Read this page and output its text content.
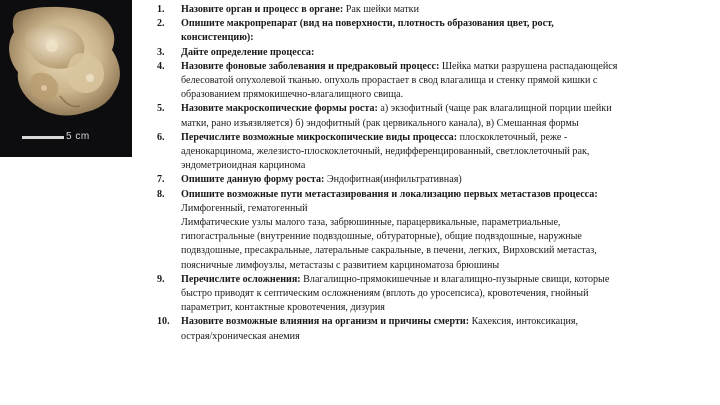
5 cm
1. Назовите орган и процесс в органе: Рак шейки матки
2. Опишите макропрепарат (вид на поверхности, плотность образования цвет, рост,
консистенцию):
3. Дайте определение процесса:
4. Назовите фоновые заболевания и предраковый процесс: Шейка матки разрушена распадающейся
белесоватой опухолевой тканью. опухоль прорастает в свод влагалища и стенку прямой кишки с
образованием прямокишечно-влагалищного свища.
5. Назовите макроскопические формы роста: а) экзофитный (чаще рак влагалищной порции шейки
матки, рано изъязвляется) б) эндофитный (рак цервикального канала), в) Смешанная формы
6. Перечислите возможные микроскопические виды процесса: плоскоклеточный, реже -
аденокарцинома, железисто-плоскоклеточный, недифференцированный, светлоклеточный рак,
эндометриоидная карцинома
7. Опишите данную форму роста: Эндофитная(инфильтративная)
8. Опишите возможные пути метастазирования и локализацию первых метастазов процесса:
Лимфогенный, гематогенный
Лимфатические узлы малого таза, забрюшинные, парацервикальные, параметриальные,
гипогастральные (внутренние подвздошные, обтураторные), общие подвздошные, наружные
подвздошные, пресакральные, латеральные сакральные, в печени, легких, Вирховский метастаз,
поясничные лимфоузлы, метастазы с развитием карциноматоза брюшины
9. Перечислите осложнения: Влагалищно-прямокишечные и влагалищно-пузырные свищи, которые
быстро приводят к септическим осложнениям (вплоть до уросепсиса), кровотечения, гнойный
параметрит, контактные кровотечения, дизурия
10. Назовите возможные влияния на организм и причины смерти: Кахексия, интоксикация,
острая/хроническая анемия
